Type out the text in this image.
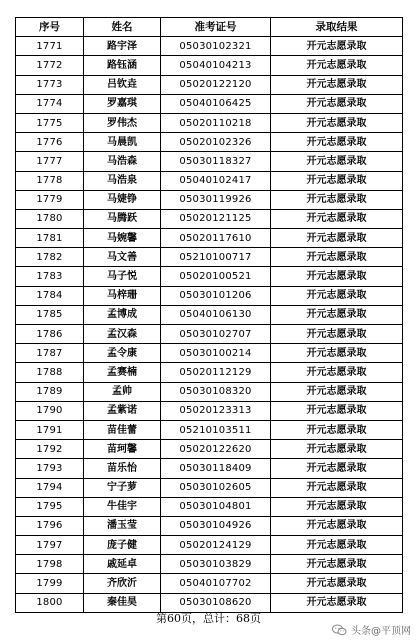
序号	姓名	准考证号	录取结果
1771	路宇泽	05030102321	开元志愿录取
1772	路钰涵	05040104213	开元志愿录取
1773	吕钦垚	05020122120	开元志愿录取
1774	罗嘉琪	05040106425	开元志愿录取
1775	罗伟杰	05020110218	开元志愿录取
1776	马晨凯	05020102326	开元志愿录取
1777	马浩森	05030118327	开元志愿录取
1778	马浩泉	05040102417	开元志愿录取
1779	马婕铮	05030119926	开元志愿录取
1780	马腾跃	05020121125	开元志愿录取
1781	马婉馨	05020117610	开元志愿录取
1782	马文善	05210100717	开元志愿录取
1783	马子悦	05020100521	开元志愿录取
1784	马梓珊	05030101206	开元志愿录取
1785	孟博成	05040106130	开元志愿录取
1786	孟汉森	05030102707	开元志愿录取
1787	孟令康	05030100214	开元志愿录取
1788	孟赛楠	05020112129	开元志愿录取
1789	孟帅	05030108320	开元志愿录取
1790	孟紫诺	05020123313	开元志愿录取
1791	苗佳蕾	05210103511	开元志愿录取
1792	苗珂馨	05020122620	开元志愿录取
1793	苗乐怡	05030118409	开元志愿录取
1794	宁子萝	05030102605	开元志愿录取
1795	牛佳宇	05030104801	开元志愿录取
1796	潘玉莹	05030104926	开元志愿录取
1797	庞子健	05020124129	开元志愿录取
1798	戚延卓	05030103829	开元志愿录取
1799	齐欣沂	05040107702	开元志愿录取
1800	秦佳昊	05030108620	开元志愿录取
第60页，总计：68页
头条@平顶网
